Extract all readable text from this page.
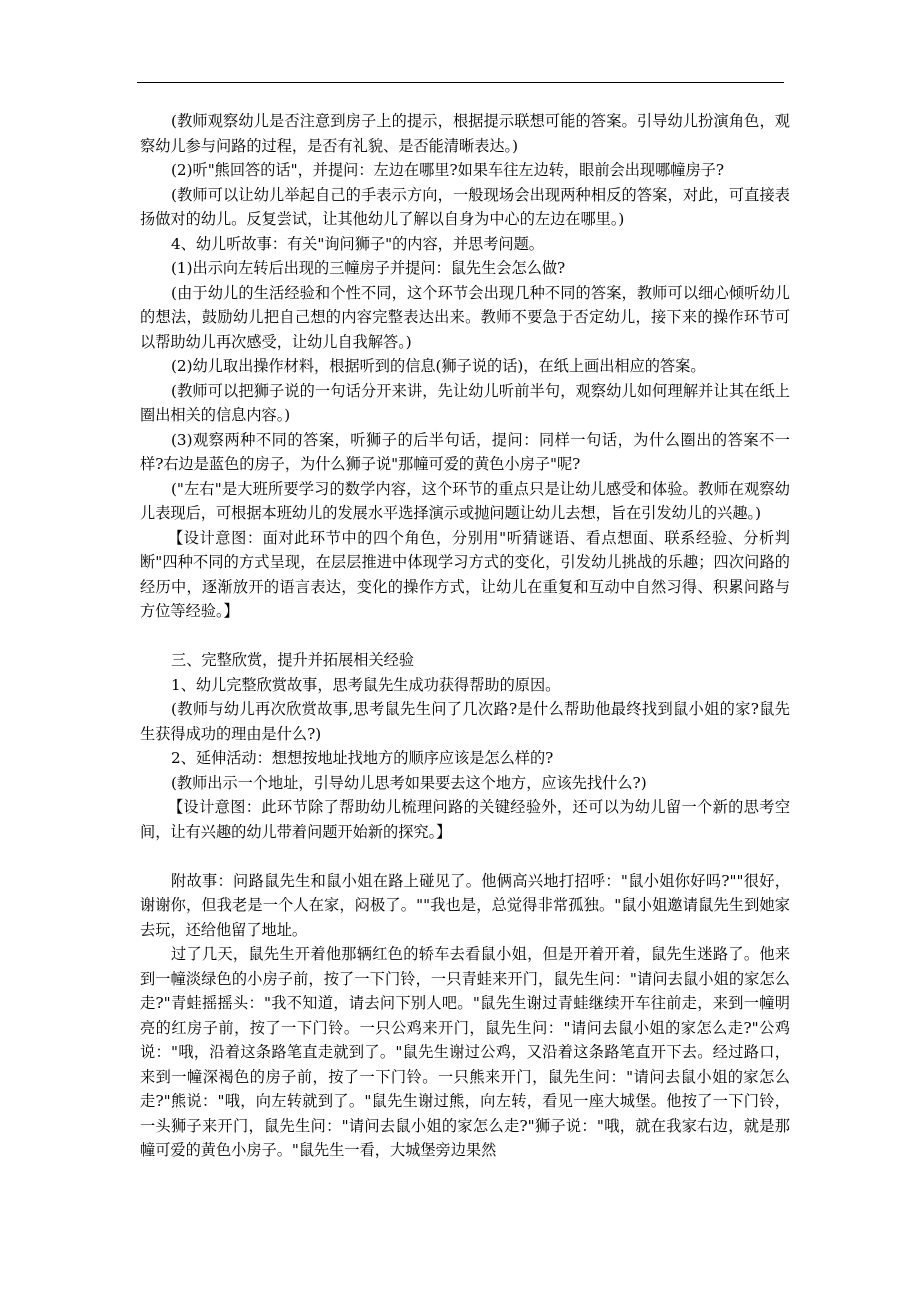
(教师观察幼儿是否注意到房子上的提示，根据提示联想可能的答案。引导幼儿扮演角色，观察幼儿参与问路的过程，是否有礼貌、是否能清晰表达。)

(2)听"熊回答的话"，并提问：左边在哪里?如果车往左边转，眼前会出现哪幢房子?

(教师可以让幼儿举起自己的手表示方向，一般现场会出现两种相反的答案，对此，可直接表扬做对的幼儿。反复尝试，让其他幼儿了解以自身为中心的左边在哪里。)

4、幼儿听故事：有关"询问狮子"的内容，并思考问题。

(1)出示向左转后出现的三幢房子并提问：鼠先生会怎么做?

(由于幼儿的生活经验和个性不同，这个环节会出现几种不同的答案，教师可以细心倾听幼儿的想法，鼓励幼儿把自己想的内容完整表达出来。教师不要急于否定幼儿，接下来的操作环节可以帮助幼儿再次感受，让幼儿自我解答。)

(2)幼儿取出操作材料，根据听到的信息(狮子说的话)，在纸上画出相应的答案。

(教师可以把狮子说的一句话分开来讲，先让幼儿听前半句，观察幼儿如何理解并让其在纸上圈出相关的信息内容。)

(3)观察两种不同的答案，听狮子的后半句话，提问：同样一句话，为什么圈出的答案不一样?右边是蓝色的房子，为什么狮子说"那幢可爱的黄色小房子"呢?

("左右"是大班所要学习的数学内容，这个环节的重点只是让幼儿感受和体验。教师在观察幼儿表现后，可根据本班幼儿的发展水平选择演示或抛问题让幼儿去想，旨在引发幼儿的兴趣。)

【设计意图：面对此环节中的四个角色，分别用"听猜谜语、看点想面、联系经验、分析判断"四种不同的方式呈现，在层层推进中体现学习方式的变化，引发幼儿挑战的乐趣；四次问路的经历中，逐渐放开的语言表达，变化的操作方式，让幼儿在重复和互动中自然习得、积累问路与方位等经验。】

三、完整欣赏，提升并拓展相关经验

1、幼儿完整欣赏故事，思考鼠先生成功获得帮助的原因。

(教师与幼儿再次欣赏故事,思考鼠先生问了几次路?是什么帮助他最终找到鼠小姐的家?鼠先生获得成功的理由是什么?)

2、延伸活动：想想按地址找地方的顺序应该是怎么样的?

(教师出示一个地址，引导幼儿思考如果要去这个地方，应该先找什么?)

【设计意图：此环节除了帮助幼儿梳理问路的关键经验外，还可以为幼儿留一个新的思考空间，让有兴趣的幼儿带着问题开始新的探究。】

附故事：问路鼠先生和鼠小姐在路上碰见了。他俩高兴地打招呼："鼠小姐你好吗?""很好，谢谢你，但我老是一个人在家，闷极了。""我也是，总觉得非常孤独。"鼠小姐邀请鼠先生到她家去玩，还给他留了地址。

过了几天，鼠先生开着他那辆红色的轿车去看鼠小姐，但是开着开着，鼠先生迷路了。他来到一幢淡绿色的小房子前，按了一下门铃，一只青蛙来开门，鼠先生问："请问去鼠小姐的家怎么走?"青蛙摇摇头："我不知道，请去问下别人吧。"鼠先生谢过青蛙继续开车往前走，来到一幢明亮的红房子前，按了一下门铃。一只公鸡来开门，鼠先生问："请问去鼠小姐的家怎么走?"公鸡说："哦，沿着这条路笔直走就到了。"鼠先生谢过公鸡，又沿着这条路笔直开下去。经过路口，来到一幢深褐色的房子前，按了一下门铃。一只熊来开门，鼠先生问："请问去鼠小姐的家怎么走?"熊说："哦，向左转就到了。"鼠先生谢过熊，向左转，看见一座大城堡。他按了一下门铃，一头狮子来开门，鼠先生问："请问去鼠小姐的家怎么走?"狮子说："哦，就在我家右边，就是那幢可爱的黄色小房子。"鼠先生一看，大城堡旁边果然
